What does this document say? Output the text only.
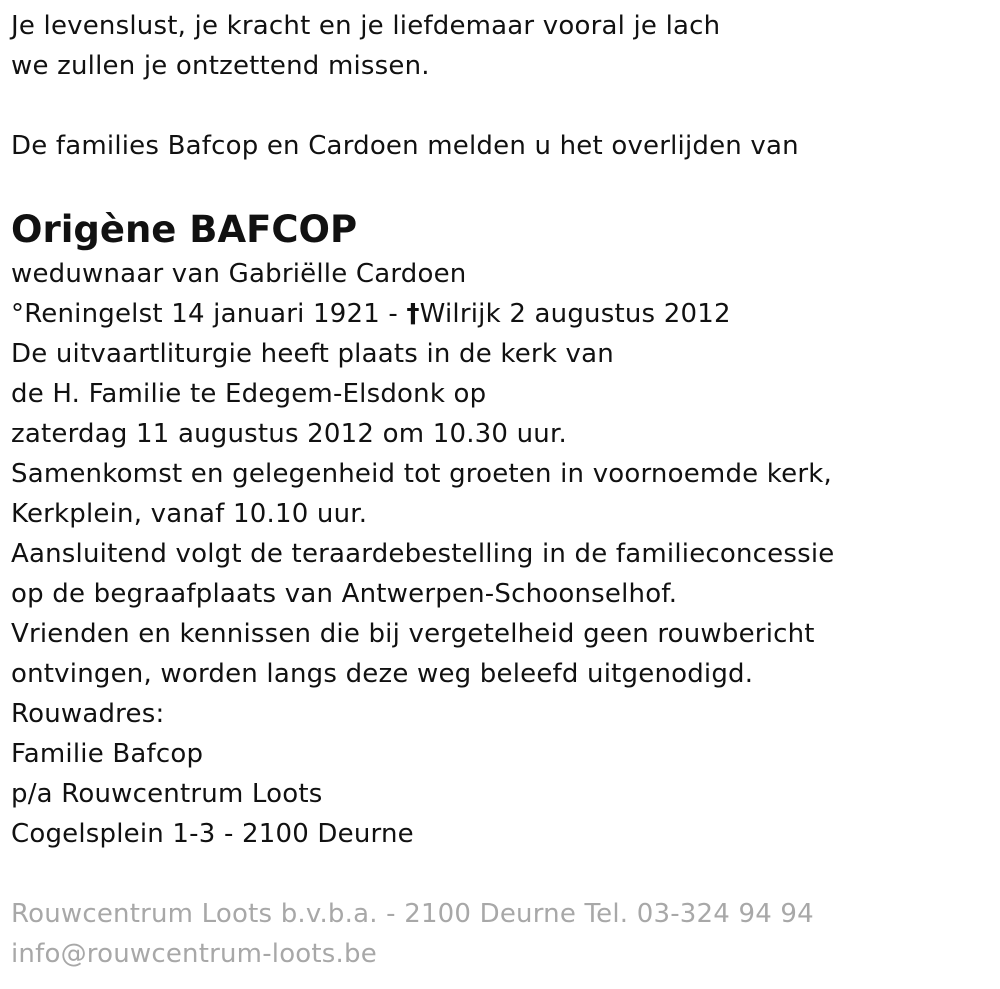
Je levenslust, je kracht en je liefdemaar vooral je lach
we zullen je ontzettend missen.
De families Bafcop en Cardoen melden u het overlijden van
Origène BAFCOP
weduwnaar van Gabriëlle Cardoen
°Reningelst 14 januari 1921 - †Wilrijk 2 augustus 2012
De uitvaartliturgie heeft plaats in de kerk van
de H. Familie te Edegem-Elsdonk op
zaterdag 11 augustus 2012 om 10.30 uur.
Samenkomst en gelegenheid tot groeten in voornoemde kerk,
Kerkplein, vanaf 10.10 uur.
Aansluitend volgt de teraardebestelling in de familieconcessie
op de begraafplaats van Antwerpen-Schoonselhof.
Vrienden en kennissen die bij vergetelheid geen rouwbericht
ontvingen, worden langs deze weg beleefd uitgenodigd.
Rouwadres:
Familie Bafcop
p/a Rouwcentrum Loots
Cogelsplein 1-3 - 2100 Deurne
Rouwcentrum Loots b.v.b.a. - 2100 Deurne Tel. 03-324 94 94
info@rouwcentrum-loots.be
